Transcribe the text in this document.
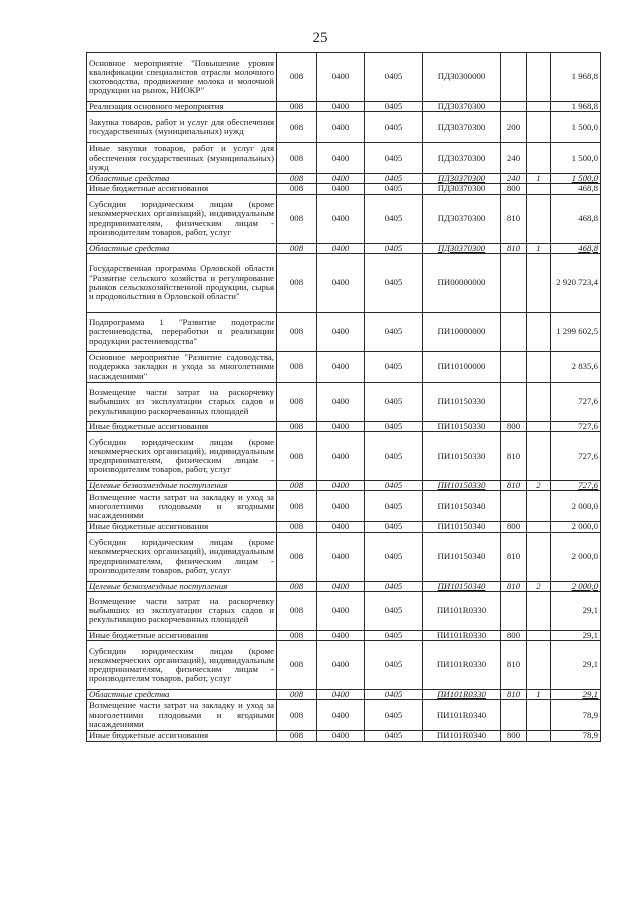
25
Основное мероприятие "Повышение уровня квалификации специалистов отрасли молочного скотоводства, продвижение молока и молочной продукции на рынок, НИОКР"	008	0400	0405	ПД30300000			1 968,8
Реализация основного мероприятия	008	0400	0405	ПД30370300			1 968,8
Закупка товаров, работ и услуг для обеспечения государственных (муниципальных) нужд	008	0400	0405	ПД30370300	200		1 500,0
Иные закупки товаров, работ и услуг для обеспечения государственных (муниципальных) нужд	008	0400	0405	ПД30370300	240		1 500,0
Областные средства	008	0400	0405	ПД30370300	240	1	1 500,0
Иные бюджетные ассигнования	008	0400	0405	ПД30370300	800		468,8
Субсидии юридическим лицам (кроме некоммерческих организаций), индивидуальным предпринимателям, физическим лицам - производителям товаров, работ, услуг	008	0400	0405	ПД30370300	810		468,8
Областные средства	008	0400	0405	ПД30370300	810	1	468,8
Государственная программа Орловской области "Развитие сельского хозяйства и регулирование рынков сельскохозяйственной продукции, сырья и продовольствия в Орловской области"	008	0400	0405	ПИ00000000			2 920 723,4
Подпрограмма 1 "Развитие подотрасли растениеводства, переработки и реализации продукции растениеводства"	008	0400	0405	ПИ10000000			1 299 602,5
Основное мероприятие "Развитие садоводства, поддержка закладки и ухода за многолетними насаждениями"	008	0400	0405	ПИ10100000			2 835,6
Возмещение части затрат на раскорчевку выбывших из эксплуатации старых садов и рекультивацию раскорчеванных площадей	008	0400	0405	ПИ10150330			727,6
Иные бюджетные ассигнования	008	0400	0405	ПИ10150330	800		727,6
Субсидии юридическим лицам (кроме некоммерческих организаций), индивидуальным предпринимателям, физическим лицам - производителям товаров, работ, услуг	008	0400	0405	ПИ10150330	810		727,6
Целевые безвозмездные поступления	008	0400	0405	ПИ10150330	810	2	727,6
Возмещение части затрат на закладку и уход за многолетними плодовыми и ягодными насаждениями	008	0400	0405	ПИ10150340			2 000,0
Иные бюджетные ассигнования	008	0400	0405	ПИ10150340	800		2 000,0
Субсидии юридическим лицам (кроме некоммерческих организаций), индивидуальным предпринимателям, физическим лицам - производителям товаров, работ, услуг	008	0400	0405	ПИ10150340	810		2 000,0
Целевые безвозмездные поступления	008	0400	0405	ПИ10150340	810	2	2 000,0
Возмещение части затрат на раскорчевку выбывших из эксплуатации старых садов и рекультивацию раскорчеванных площадей	008	0400	0405	ПИ101R0330			29,1
Иные бюджетные ассигнования	008	0400	0405	ПИ101R0330	800		29,1
Субсидии юридическим лицам (кроме некоммерческих организаций), индивидуальным предпринимателям, физическим лицам - производителям товаров, работ, услуг	008	0400	0405	ПИ101R0330	810		29,1
Областные средства	008	0400	0405	ПИ101R0330	810	1	29,1
Возмещение части затрат на закладку и уход за многолетними плодовыми и ягодными насаждениями	008	0400	0405	ПИ101R0340			78,9
Иные бюджетные ассигнования	008	0400	0405	ПИ101R0340	800		78,9
